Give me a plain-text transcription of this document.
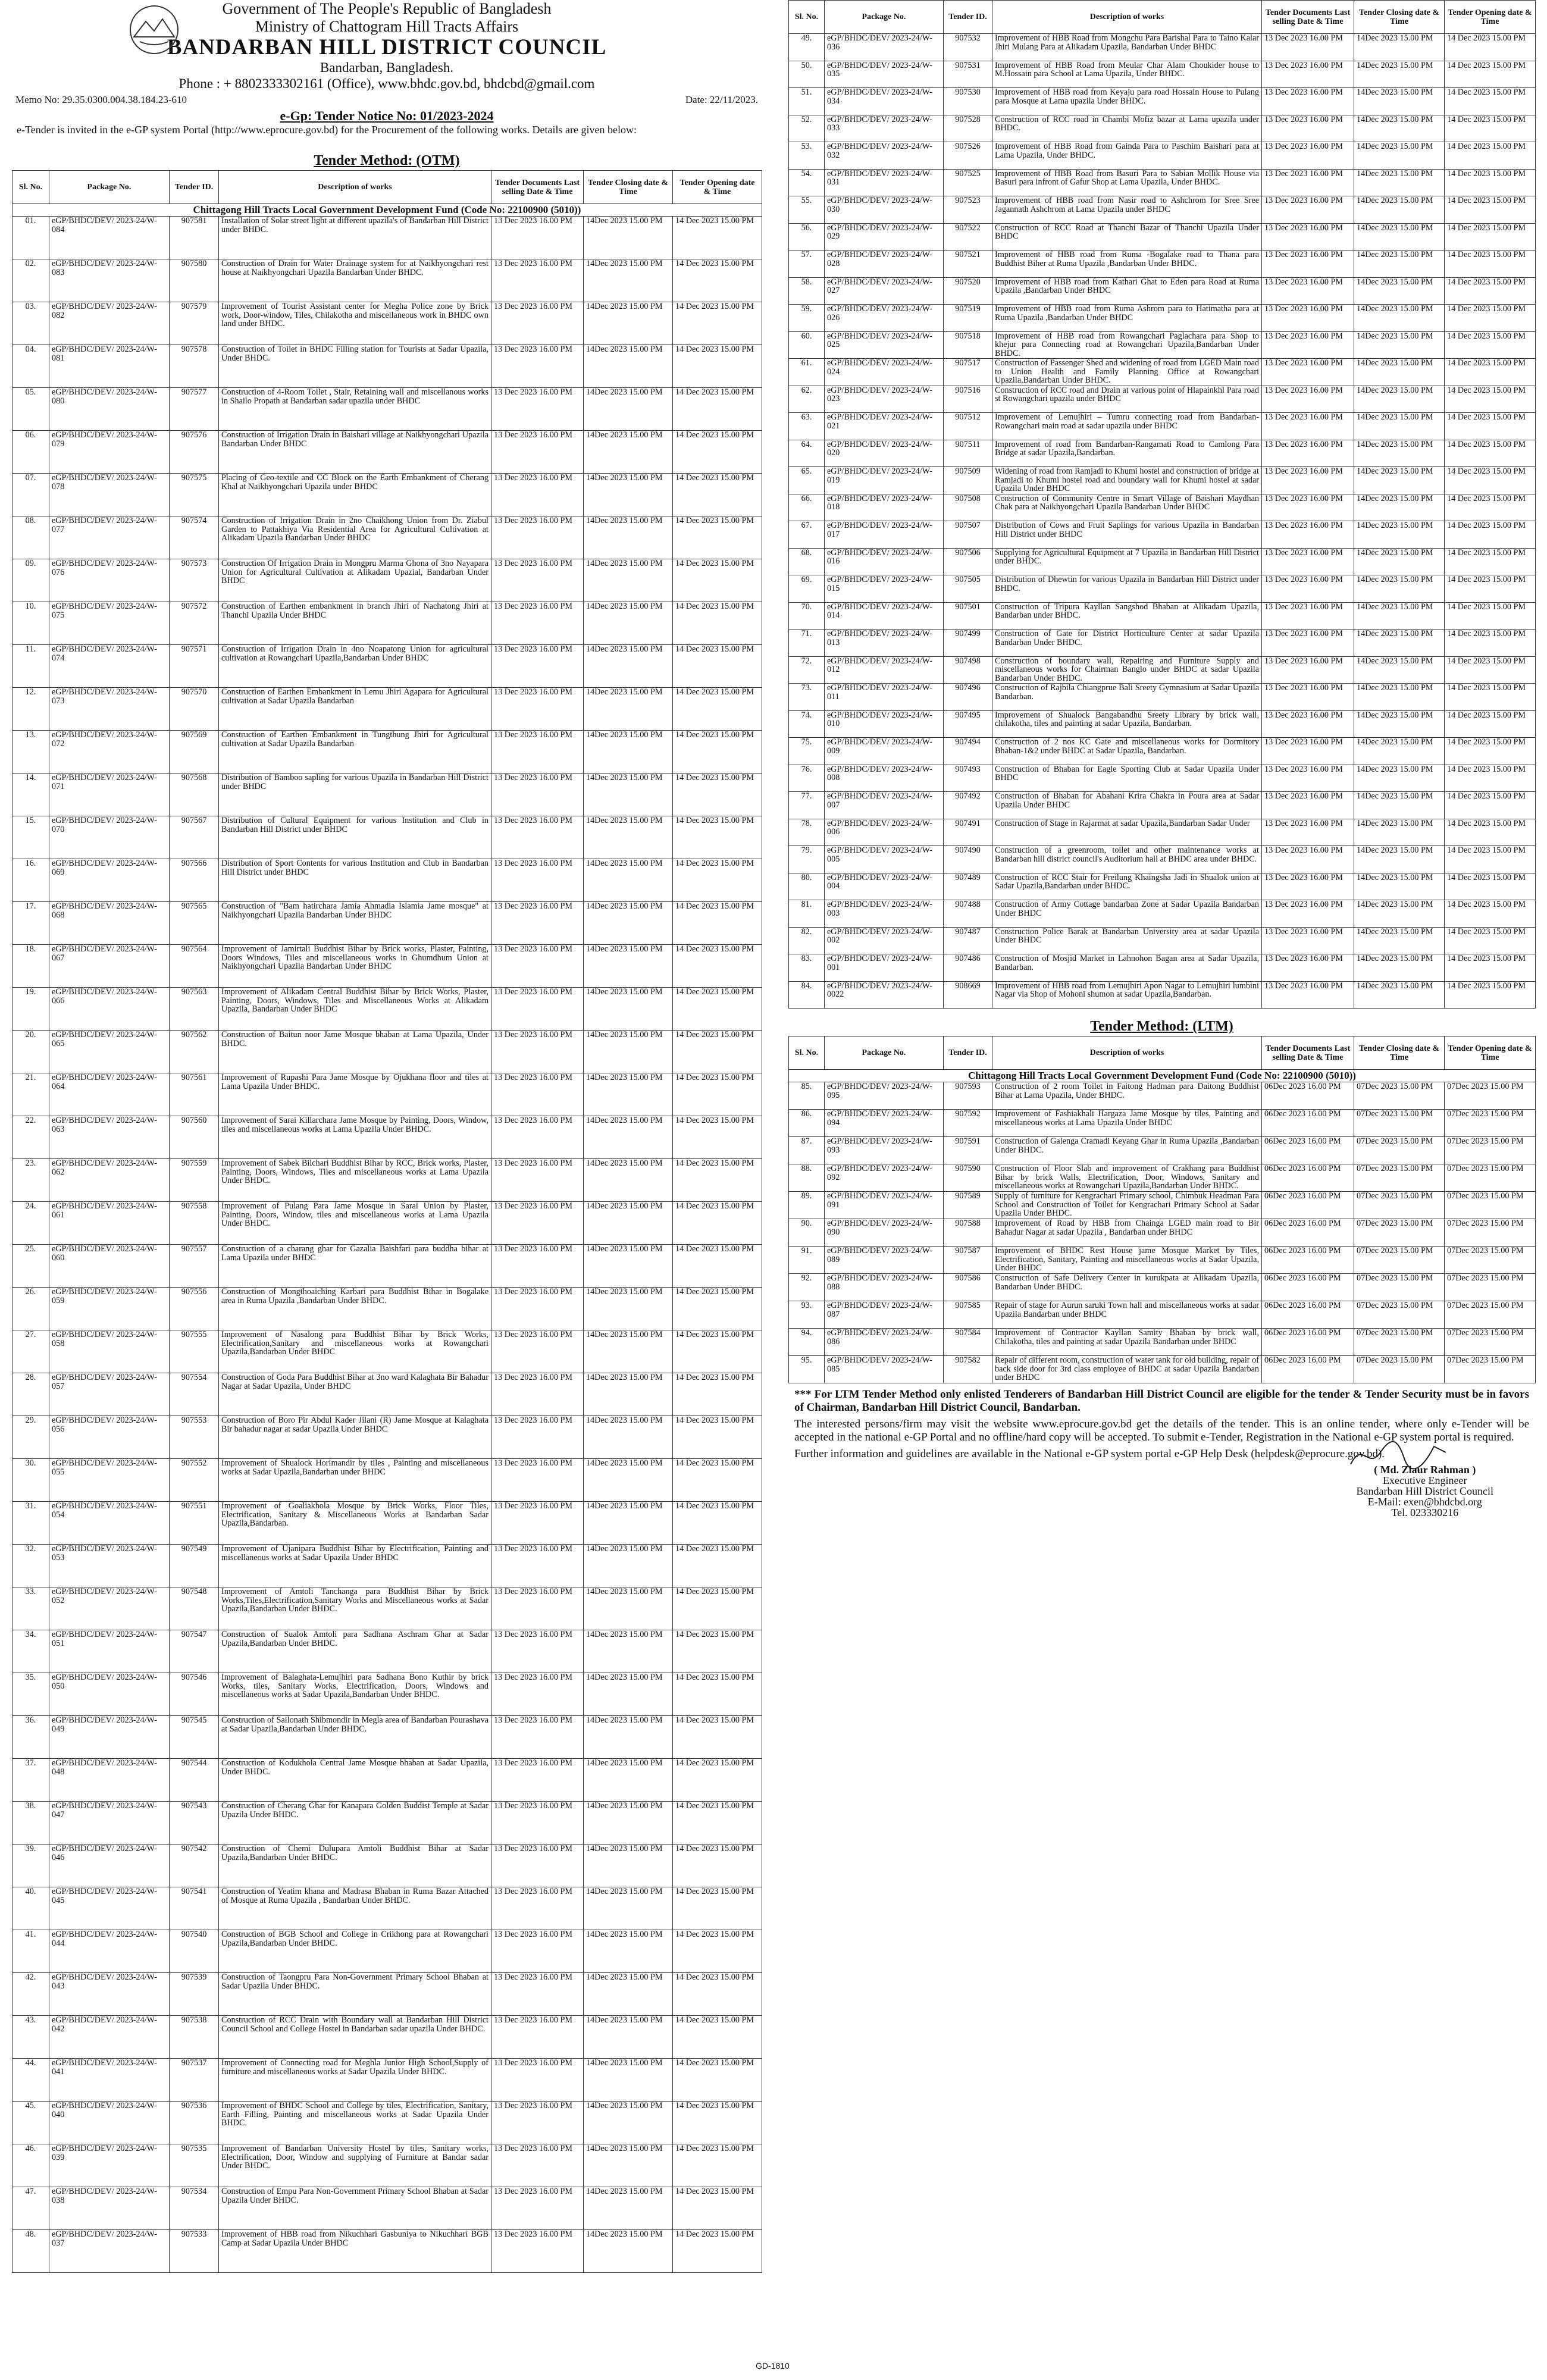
Government of The People's Republic of Bangladesh
Ministry of Chattogram Hill Tracts Affairs
BANDARBAN HILL DISTRICT COUNCIL
Bandarban, Bangladesh.
Phone : + 8802333302161 (Office), www.bhdc.gov.bd, bhdcbd@gmail.com
Memo No: 29.35.0300.004.38.184.23-610	Date: 22/11/2023.
e-Gp: Tender Notice No: 01/2023-2024
e-Tender is invited in the e-GP system Portal (http://www.eprocure.gov.bd) for the Procurement of the following works. Details are given below:
Tender Method: (OTM)
Sl. No.	Package No.	Tender ID.	Description of works	Tender Documents Last selling Date & Time	Tender Closing date & Time	Tender Opening date & Time
Chittagong Hill Tracts Local Government Development Fund (Code No: 22100900 (5010))						
01.	eGP/BHDC/DEV/ 2023-24/W-084	907581	Installation of Solar street light at different upazila's of Bandarban Hill District under BHDC.	13 Dec 2023 16.00 PM	14Dec 2023 15.00 PM	14 Dec 2023 15.00 PM
02.	eGP/BHDC/DEV/ 2023-24/W-083	907580	Construction of Drain for Water Drainage system for at Naikhyongchari rest house at Naikhyongchari Upazila Bandarban Under BHDC.	13 Dec 2023 16.00 PM	14Dec 2023 15.00 PM	14 Dec 2023 15.00 PM
03.	eGP/BHDC/DEV/ 2023-24/W-082	907579	Improvement of Tourist Assistant center for Megha Police zone by Brick work, Door-window, Tiles, Chilakotha and miscellaneous work in BHDC own land under BHDC.	13 Dec 2023 16.00 PM	14Dec 2023 15.00 PM	14 Dec 2023 15.00 PM
04.	eGP/BHDC/DEV/ 2023-24/W-081	907578	Construction of Toilet in BHDC Filling station for Tourists at Sadar Upazila, Under BHDC.	13 Dec 2023 16.00 PM	14Dec 2023 15.00 PM	14 Dec 2023 15.00 PM
05.	eGP/BHDC/DEV/ 2023-24/W-080	907577	Construction of 4-Room Toilet , Stair, Retaining wall and miscellanous works in Shailo Propath at Bandarban sadar upazila under BHDC	13 Dec 2023 16.00 PM	14Dec 2023 15.00 PM	14 Dec 2023 15.00 PM
06.	eGP/BHDC/DEV/ 2023-24/W-079	907576	Construction of Irrigation Drain in Baishari village at Naikhyongchari Upazila Bandarban Under BHDC	13 Dec 2023 16.00 PM	14Dec 2023 15.00 PM	14 Dec 2023 15.00 PM
07.	eGP/BHDC/DEV/ 2023-24/W-078	907575	Placing of Geo-textile and CC Block on the Earth Embankment of Cherang Khal at Naikhyongchari Upazila under BHDC	13 Dec 2023 16.00 PM	14Dec 2023 15.00 PM	14 Dec 2023 15.00 PM
08.	eGP/BHDC/DEV/ 2023-24/W-077	907574	Construction of Irrigation Drain in 2no Chaikhong Union from Dr. Ziabul Garden to Pattakhiya Via Residential Area for Agricultural Cultivation at Alikadam Upazila Bandarban Under BHDC	13 Dec 2023 16.00 PM	14Dec 2023 15.00 PM	14 Dec 2023 15.00 PM
09.	eGP/BHDC/DEV/ 2023-24/W-076	907573	Construction Of Irrigation Drain in Mongpru Marma Ghona of 3no Nayapara Union for Agricultural Cultivation at Alikadam Upazial, Bandarban Under BHDC	13 Dec 2023 16.00 PM	14Dec 2023 15.00 PM	14 Dec 2023 15.00 PM
10.	eGP/BHDC/DEV/ 2023-24/W-075	907572	Construction of Earthen embankment in branch Jhiri of Nachatong Jhiri at Thanchi Upazila Under BHDC	13 Dec 2023 16.00 PM	14Dec 2023 15.00 PM	14 Dec 2023 15.00 PM
11.	eGP/BHDC/DEV/ 2023-24/W-074	907571	Construction of Irrigation Drain in 4no Noapatong Union for agricultural cultivation at Rowangchari Upazila,Bandarban Under BHDC	13 Dec 2023 16.00 PM	14Dec 2023 15.00 PM	14 Dec 2023 15.00 PM
12.	eGP/BHDC/DEV/ 2023-24/W-073	907570	Construction of Earthen Embankment in Lemu Jhiri Agapara for Agricultural cultivation at Sadar Upazila Bandarban	13 Dec 2023 16.00 PM	14Dec 2023 15.00 PM	14 Dec 2023 15.00 PM
13.	eGP/BHDC/DEV/ 2023-24/W-072	907569	Construction of Earthen Embankment in Tungthung Jhiri for Agricultural cultivation at Sadar Upazila Bandarban	13 Dec 2023 16.00 PM	14Dec 2023 15.00 PM	14 Dec 2023 15.00 PM
14.	eGP/BHDC/DEV/ 2023-24/W-071	907568	Distribution of Bamboo sapling for various Upazila in Bandarban Hill District under BHDC	13 Dec 2023 16.00 PM	14Dec 2023 15.00 PM	14 Dec 2023 15.00 PM
15.	eGP/BHDC/DEV/ 2023-24/W-070	907567	Distribution of Cultural Equipment for various Institution and Club in Bandarban Hill District under BHDC	13 Dec 2023 16.00 PM	14Dec 2023 15.00 PM	14 Dec 2023 15.00 PM
16.	eGP/BHDC/DEV/ 2023-24/W-069	907566	Distribution of Sport Contents for various Institution and Club in Bandarban Hill District under BHDC	13 Dec 2023 16.00 PM	14Dec 2023 15.00 PM	14 Dec 2023 15.00 PM
17.	eGP/BHDC/DEV/ 2023-24/W-068	907565	Construction of "Bam hatirchara Jamia Ahmadia Islamia Jame mosque" at Naikhyongchari Upazila Bandarban Under BHDC	13 Dec 2023 16.00 PM	14Dec 2023 15.00 PM	14 Dec 2023 15.00 PM
18.	eGP/BHDC/DEV/ 2023-24/W-067	907564	Improvement of Jamirtali Buddhist Bihar by Brick works, Plaster, Painting, Doors Windows, Tiles and miscellaneous works in Ghumdhum Union at Naikhyongchari Upazila Bandarban Under BHDC	13 Dec 2023 16.00 PM	14Dec 2023 15.00 PM	14 Dec 2023 15.00 PM
19.	eGP/BHDC/DEV/ 2023-24/W-066	907563	Improvement of Alikadam Central Buddhist Bihar by Brick Works, Plaster, Painting, Doors, Windows, Tiles and Miscellaneous Works at Alikadam Upazila, Bandarban Under BHDC	13 Dec 2023 16.00 PM	14Dec 2023 15.00 PM	14 Dec 2023 15.00 PM
20.	eGP/BHDC/DEV/ 2023-24/W-065	907562	Construction of Baitun noor Jame Mosque bhaban at Lama Upazila, Under BHDC.	13 Dec 2023 16.00 PM	14Dec 2023 15.00 PM	14 Dec 2023 15.00 PM
21.	eGP/BHDC/DEV/ 2023-24/W-064	907561	Improvement of Rupashi Para Jame Mosque by Ojukhana floor and tiles at Lama Upazila Under BHDC.	13 Dec 2023 16.00 PM	14Dec 2023 15.00 PM	14 Dec 2023 15.00 PM
22.	eGP/BHDC/DEV/ 2023-24/W-063	907560	Improvement of Sarai Killarchara Jame Mosque by Painting, Doors, Window, tiles and miscellaneous works at Lama Upazila Under BHDC.	13 Dec 2023 16.00 PM	14Dec 2023 15.00 PM	14 Dec 2023 15.00 PM
23.	eGP/BHDC/DEV/ 2023-24/W-062	907559	Improvement of Sabek Bilchari Buddhist Bihar by RCC, Brick works, Plaster, Painting, Doors, Windows, Tiles and miscellaneous works at Lama Upazila Under BHDC.	13 Dec 2023 16.00 PM	14Dec 2023 15.00 PM	14 Dec 2023 15.00 PM
24.	eGP/BHDC/DEV/ 2023-24/W-061	907558	Improvement of Pulang Para Jame Mosque in Sarai Union by Plaster, Painting, Doors, Window, tiles and miscellaneous works at Lama Upazila Under BHDC.	13 Dec 2023 16.00 PM	14Dec 2023 15.00 PM	14 Dec 2023 15.00 PM
25.	eGP/BHDC/DEV/ 2023-24/W-060	907557	Construction of a charang ghar for Gazalia Baishfari para buddha bihar at Lama Upazila under BHDC	13 Dec 2023 16.00 PM	14Dec 2023 15.00 PM	14 Dec 2023 15.00 PM
26.	eGP/BHDC/DEV/ 2023-24/W-059	907556	Construction of Mongthoaiching Karbari para Buddhist Bihar in Bogalake area in Ruma Upazila ,Bandarban Under BHDC.	13 Dec 2023 16.00 PM	14Dec 2023 15.00 PM	14 Dec 2023 15.00 PM
27.	eGP/BHDC/DEV/ 2023-24/W-058	907555	Improvement of Nasalong para Buddhist Bihar by Brick Works, Electrification,Sanitary and miscellaneous works at Rowangchari Upazila,Bandarban Under BHDC	13 Dec 2023 16.00 PM	14Dec 2023 15.00 PM	14 Dec 2023 15.00 PM
28.	eGP/BHDC/DEV/ 2023-24/W-057	907554	Construction of Goda Para Buddhist Bihar at 3no ward Kalaghata Bir Bahadur Nagar at Sadar Upazila, Under BHDC	13 Dec 2023 16.00 PM	14Dec 2023 15.00 PM	14 Dec 2023 15.00 PM
29.	eGP/BHDC/DEV/ 2023-24/W-056	907553	Construction of Boro Pir Abdul Kader Jilani (R) Jame Mosque at Kalaghata Bir bahadur nagar at sadar Upazila Under BHDC	13 Dec 2023 16.00 PM	14Dec 2023 15.00 PM	14 Dec 2023 15.00 PM
30.	eGP/BHDC/DEV/ 2023-24/W-055	907552	Improvement of Shualock Horimandir by tiles , Painting and miscellaneous works at Sadar Upazila,Bandarban under BHDC	13 Dec 2023 16.00 PM	14Dec 2023 15.00 PM	14 Dec 2023 15.00 PM
31.	eGP/BHDC/DEV/ 2023-24/W-054	907551	Improvement of Goaliakhola Mosque by Brick Works, Floor Tiles, Electrification, Sanitary & Miscellaneous Works at Bandarban Sadar Upazila,Bandarban.	13 Dec 2023 16.00 PM	14Dec 2023 15.00 PM	14 Dec 2023 15.00 PM
32.	eGP/BHDC/DEV/ 2023-24/W-053	907549	Improvement of Ujanipara Buddhist Bihar by Electrification, Painting and miscellaneous works at Sadar Upazila Under BHDC	13 Dec 2023 16.00 PM	14Dec 2023 15.00 PM	14 Dec 2023 15.00 PM
33.	eGP/BHDC/DEV/ 2023-24/W-052	907548	Improvement of Amtoli Tanchanga para Buddhist Bihar by Brick Works,Tiles,Electrification,Sanitary Works and Miscellaneous works at Sadar Upazila,Bandarban Under BHDC.	13 Dec 2023 16.00 PM	14Dec 2023 15.00 PM	14 Dec 2023 15.00 PM
34.	eGP/BHDC/DEV/ 2023-24/W-051	907547	Construction of Sualok Amtoli para Sadhana Aschram Ghar at Sadar Upazila,Bandarban Under BHDC.	13 Dec 2023 16.00 PM	14Dec 2023 15.00 PM	14 Dec 2023 15.00 PM
35.	eGP/BHDC/DEV/ 2023-24/W-050	907546	Improvement of Balaghata-Lemujhiri para Sadhana Bono Kuthir by brick Works, tiles, Sanitary Works, Electrification, Doors, Windows and miscellaneous works at Sadar Upazila,Bandarban Under BHDC.	13 Dec 2023 16.00 PM	14Dec 2023 15.00 PM	14 Dec 2023 15.00 PM
36.	eGP/BHDC/DEV/ 2023-24/W-049	907545	Construction of Sailonath Shibmondir in Megla area of Bandarban Pourashava at Sadar Upazila,Bandarban Under BHDC.	13 Dec 2023 16.00 PM	14Dec 2023 15.00 PM	14 Dec 2023 15.00 PM
37.	eGP/BHDC/DEV/ 2023-24/W-048	907544	Construction of Kodukhola Central Jame Mosque bhaban at Sadar Upazila, Under BHDC.	13 Dec 2023 16.00 PM	14Dec 2023 15.00 PM	14 Dec 2023 15.00 PM
38.	eGP/BHDC/DEV/ 2023-24/W-047	907543	Construction of Cherang Ghar for Kanapara Golden Buddist Temple at Sadar Upazila Under BHDC.	13 Dec 2023 16.00 PM	14Dec 2023 15.00 PM	14 Dec 2023 15.00 PM
39.	eGP/BHDC/DEV/ 2023-24/W-046	907542	Construction of Chemi Dulupara Amtoli Buddhist Bihar at Sadar Upazila,Bandarban Under BHDC.	13 Dec 2023 16.00 PM	14Dec 2023 15.00 PM	14 Dec 2023 15.00 PM
40.	eGP/BHDC/DEV/ 2023-24/W-045	907541	Construction of Yeatim khana and Madrasa Bhaban in Ruma Bazar Attached of Mosque at Ruma Upazila , Bandarban Under BHDC.	13 Dec 2023 16.00 PM	14Dec 2023 15.00 PM	14 Dec 2023 15.00 PM
41.	eGP/BHDC/DEV/ 2023-24/W-044	907540	Construction of BGB School and College in Crikhong para at Rowangchari Upazila,Bandarban Under BHDC.	13 Dec 2023 16.00 PM	14Dec 2023 15.00 PM	14 Dec 2023 15.00 PM
42.	eGP/BHDC/DEV/ 2023-24/W-043	907539	Construction of Taongpru Para Non-Government Primary School Bhaban at Sadar Upazila Under BHDC.	13 Dec 2023 16.00 PM	14Dec 2023 15.00 PM	14 Dec 2023 15.00 PM
43.	eGP/BHDC/DEV/ 2023-24/W-042	907538	Construction of RCC Drain with Boundary wall at Bandarban Hill District Council School and College Hostel in Bandarban sadar upazila Under BHDC.	13 Dec 2023 16.00 PM	14Dec 2023 15.00 PM	14 Dec 2023 15.00 PM
44.	eGP/BHDC/DEV/ 2023-24/W-041	907537	Improvement of Connecting road for Meghla Junior High School,Supply of furniture and miscellaneous works at Sadar Upazila Under BHDC.	13 Dec 2023 16.00 PM	14Dec 2023 15.00 PM	14 Dec 2023 15.00 PM
45.	eGP/BHDC/DEV/ 2023-24/W-040	907536	Improvement of BHDC School and College by tiles, Electrification, Sanitary, Earth Filling, Painting and miscellaneous works at Sadar Upazila Under BHDC.	13 Dec 2023 16.00 PM	14Dec 2023 15.00 PM	14 Dec 2023 15.00 PM
46.	eGP/BHDC/DEV/ 2023-24/W-039	907535	Improvement of Bandarban University Hostel by tiles, Sanitary works, Electrification, Door, Window and supplying of Furniture at Bandar sadar Under BHDC.	13 Dec 2023 16.00 PM	14Dec 2023 15.00 PM	14 Dec 2023 15.00 PM
47.	eGP/BHDC/DEV/ 2023-24/W-038	907534	Construction of Empu Para Non-Government Primary School Bhaban at Sadar Upazila Under BHDC.	13 Dec 2023 16.00 PM	14Dec 2023 15.00 PM	14 Dec 2023 15.00 PM
48.	eGP/BHDC/DEV/ 2023-24/W-037	907533	Improvement of HBB road from Nikuchhari Gasbuniya to Nikuchhari BGB Camp at Sadar Upazila Under BHDC	13 Dec 2023 16.00 PM	14Dec 2023 15.00 PM	14 Dec 2023 15.00 PM
Sl. No.	Package No.	Tender ID.	Description of works	Tender Documents Last selling Date & Time	Tender Closing date & Time	Tender Opening date & Time
49.	eGP/BHDC/DEV/ 2023-24/W-036	907532	Improvement of HBB Road from Mongchu Para Barishal Para to Taino Kalar Jhiri Mulang Para at Alikadam Upazila, Bandarban Under BHDC	13 Dec 2023 16.00 PM	14Dec 2023 15.00 PM	14 Dec 2023 15.00 PM
50.	eGP/BHDC/DEV/ 2023-24/W-035	907531	Improvement of HBB Road from Meular Char Alam Choukider house to M.Hossain para School at Lama Upazila, Under BHDC.	13 Dec 2023 16.00 PM	14Dec 2023 15.00 PM	14 Dec 2023 15.00 PM
51.	eGP/BHDC/DEV/ 2023-24/W-034	907530	Improvement of HBB road from Keyaju para road Hossain House to Pulang para Mosque at Lama upazila Under BHDC.	13 Dec 2023 16.00 PM	14Dec 2023 15.00 PM	14 Dec 2023 15.00 PM
52.	eGP/BHDC/DEV/ 2023-24/W-033	907528	Construction of RCC road in Chambi Mofiz bazar at Lama upazila under BHDC.	13 Dec 2023 16.00 PM	14Dec 2023 15.00 PM	14 Dec 2023 15.00 PM
53.	eGP/BHDC/DEV/ 2023-24/W-032	907526	Improvement of HBB Road from Gainda Para to Paschim Baishari para at Lama Upazila, Under BHDC.	13 Dec 2023 16.00 PM	14Dec 2023 15.00 PM	14 Dec 2023 15.00 PM
54.	eGP/BHDC/DEV/ 2023-24/W-031	907525	Improvement of HBB Road from Basuri Para to Sabian Mollik House via Basuri para infront of Gafur Shop at Lama Upazila, Under BHDC.	13 Dec 2023 16.00 PM	14Dec 2023 15.00 PM	14 Dec 2023 15.00 PM
55.	eGP/BHDC/DEV/ 2023-24/W-030	907523	Improvement of HBB road from Nasir road to Ashchrom for Sree Sree Jagannath Ashchrom at Lama Upazila under BHDC	13 Dec 2023 16.00 PM	14Dec 2023 15.00 PM	14 Dec 2023 15.00 PM
56.	eGP/BHDC/DEV/ 2023-24/W-029	907522	Construction of RCC Road at Thanchi Bazar of Thanchi Upazila Under BHDC	13 Dec 2023 16.00 PM	14Dec 2023 15.00 PM	14 Dec 2023 15.00 PM
57.	eGP/BHDC/DEV/ 2023-24/W-028	907521	Improvement of HBB road from Ruma -Bogalake road to Thana para Buddhist Biher at Ruma Upazila ,Bandarban Under BHDC.	13 Dec 2023 16.00 PM	14Dec 2023 15.00 PM	14 Dec 2023 15.00 PM
58.	eGP/BHDC/DEV/ 2023-24/W-027	907520	Improvement of HBB road from Kathari Ghat to Eden para Road at Ruma Upazila ,Bandarban Under BHDC	13 Dec 2023 16.00 PM	14Dec 2023 15.00 PM	14 Dec 2023 15.00 PM
59.	eGP/BHDC/DEV/ 2023-24/W-026	907519	Improvement of HBB road from Ruma Ashrom para to Hatimatha para at Ruma Upazila ,Bandarban Under BHDC	13 Dec 2023 16.00 PM	14Dec 2023 15.00 PM	14 Dec 2023 15.00 PM
60.	eGP/BHDC/DEV/ 2023-24/W-025	907518	Improvement of HBB road from Rowangchari Paglachara para Shop to khejur para Connecting road at Rowangchari Upazila,Bandarban Under BHDC.	13 Dec 2023 16.00 PM	14Dec 2023 15.00 PM	14 Dec 2023 15.00 PM
61.	eGP/BHDC/DEV/ 2023-24/W-024	907517	Construction of Passenger Shed and widening of road from LGED Main road to Union Health and Family Planning Office at Rowangchari Upazila,Bandarban Under BHDC.	13 Dec 2023 16.00 PM	14Dec 2023 15.00 PM	14 Dec 2023 15.00 PM
62.	eGP/BHDC/DEV/ 2023-24/W-023	907516	Construction of RCC road and Drain at various point of Hlapainkhl Para road st Rowangchari upazila under BHDC	13 Dec 2023 16.00 PM	14Dec 2023 15.00 PM	14 Dec 2023 15.00 PM
63.	eGP/BHDC/DEV/ 2023-24/W-021	907512	Improvement of Lemujhiri – Tumru connecting road from Bandarban-Rowangchari main road at sadar upazila under BHDC	13 Dec 2023 16.00 PM	14Dec 2023 15.00 PM	14 Dec 2023 15.00 PM
64.	eGP/BHDC/DEV/ 2023-24/W-020	907511	Improvement of road from Bandarban-Rangamati Road to Camlong Para Bridge at sadar Upazila,Bandarban.	13 Dec 2023 16.00 PM	14Dec 2023 15.00 PM	14 Dec 2023 15.00 PM
65.	eGP/BHDC/DEV/ 2023-24/W-019	907509	Widening of road from Ramjadi to Khumi hostel and construction of bridge at Ramjadi to Khumi hostel road and boundary wall for Khumi hostel at sadar Upazila Under BHDC	13 Dec 2023 16.00 PM	14Dec 2023 15.00 PM	14 Dec 2023 15.00 PM
66.	eGP/BHDC/DEV/ 2023-24/W-018	907508	Construction of Community Centre in Smart Village of Baishari Maydhan Chak para at Naikhyongchari Upazila Bandarban Under BHDC	13 Dec 2023 16.00 PM	14Dec 2023 15.00 PM	14 Dec 2023 15.00 PM
67.	eGP/BHDC/DEV/ 2023-24/W-017	907507	Distribution of Cows and Fruit Saplings for various Upazila in Bandarban Hill District under BHDC	13 Dec 2023 16.00 PM	14Dec 2023 15.00 PM	14 Dec 2023 15.00 PM
68.	eGP/BHDC/DEV/ 2023-24/W-016	907506	Supplying for Agricultural Equipment at 7 Upazila in Bandarban Hill District under BHDC.	13 Dec 2023 16.00 PM	14Dec 2023 15.00 PM	14 Dec 2023 15.00 PM
69.	eGP/BHDC/DEV/ 2023-24/W-015	907505	Distribution of Dhewtin for various Upazila in Bandarban Hill District under BHDC.	13 Dec 2023 16.00 PM	14Dec 2023 15.00 PM	14 Dec 2023 15.00 PM
70.	eGP/BHDC/DEV/ 2023-24/W-014	907501	Construction of Tripura Kayllan Sangshod Bhaban at Alikadam Upazila, Bandarban under BHDC.	13 Dec 2023 16.00 PM	14Dec 2023 15.00 PM	14 Dec 2023 15.00 PM
71.	eGP/BHDC/DEV/ 2023-24/W-013	907499	Construction of Gate for District Horticulture Center at sadar Upazila Bandarban Under BHDC.	13 Dec 2023 16.00 PM	14Dec 2023 15.00 PM	14 Dec 2023 15.00 PM
72.	eGP/BHDC/DEV/ 2023-24/W-012	907498	Construction of boundary wall, Repairing and Furniture Supply and miscellaneous works for Chairman Banglo under BHDC at sadar Upazila Bandarban Under BHDC.	13 Dec 2023 16.00 PM	14Dec 2023 15.00 PM	14 Dec 2023 15.00 PM
73.	eGP/BHDC/DEV/ 2023-24/W-011	907496	Construction of Rajbila Chiangprue Bali Sreety Gymnasium at Sadar Upazila Bandarban.	13 Dec 2023 16.00 PM	14Dec 2023 15.00 PM	14 Dec 2023 15.00 PM
74.	eGP/BHDC/DEV/ 2023-24/W-010	907495	Improvement of Shualock Bangabandhu Sreety Library by brick wall, chilakotha, tiles and painting at sadar Upazila, Bandarban.	13 Dec 2023 16.00 PM	14Dec 2023 15.00 PM	14 Dec 2023 15.00 PM
75.	eGP/BHDC/DEV/ 2023-24/W-009	907494	Construction of 2 nos KC Gate and miscellaneous works for Dormitory Bhaban-1&2 under BHDC at Sadar Upazila, Bandarban.	13 Dec 2023 16.00 PM	14Dec 2023 15.00 PM	14 Dec 2023 15.00 PM
76.	eGP/BHDC/DEV/ 2023-24/W-008	907493	Construction of Bhaban for Eagle Sporting Club at Sadar Upazila Under BHDC	13 Dec 2023 16.00 PM	14Dec 2023 15.00 PM	14 Dec 2023 15.00 PM
77.	eGP/BHDC/DEV/ 2023-24/W-007	907492	Construction of Bhaban for Abahani Krira Chakra in Poura area at Sadar Upazila Under BHDC	13 Dec 2023 16.00 PM	14Dec 2023 15.00 PM	14 Dec 2023 15.00 PM
78.	eGP/BHDC/DEV/ 2023-24/W-006	907491	Construction of Stage in Rajarmat at sadar Upazila,Bandarban Sadar Under	13 Dec 2023 16.00 PM	14Dec 2023 15.00 PM	14 Dec 2023 15.00 PM
79.	eGP/BHDC/DEV/ 2023-24/W-005	907490	Construction of a greenroom, toilet and other maintenance works at Bandarban hill district council's Auditorium hall at BHDC area under BHDC.	13 Dec 2023 16.00 PM	14Dec 2023 15.00 PM	14 Dec 2023 15.00 PM
80.	eGP/BHDC/DEV/ 2023-24/W-004	907489	Construction of RCC Stair for Preilung Khaingsha Jadi in Shualok union at Sadar Upazila,Bandarban under BHDC.	13 Dec 2023 16.00 PM	14Dec 2023 15.00 PM	14 Dec 2023 15.00 PM
81.	eGP/BHDC/DEV/ 2023-24/W-003	907488	Construction of Army Cottage bandarban Zone at Sadar Upazila Bandarban Under BHDC	13 Dec 2023 16.00 PM	14Dec 2023 15.00 PM	14 Dec 2023 15.00 PM
82.	eGP/BHDC/DEV/ 2023-24/W-002	907487	Construction Police Barak at Bandarban University area at sadar Upazila Under BHDC	13 Dec 2023 16.00 PM	14Dec 2023 15.00 PM	14 Dec 2023 15.00 PM
83.	eGP/BHDC/DEV/ 2023-24/W-001	907486	Construction of Mosjid Market in Lahnohon Bagan area at Sadar Upazila, Bandarban.	13 Dec 2023 16.00 PM	14Dec 2023 15.00 PM	14 Dec 2023 15.00 PM
84.	eGP/BHDC/DEV/ 2023-24/W- 0022	908669	Improvement of HBB road from Lemujhiri Apon Nagar to Lemujhiri lumbini Nagar via Shop of Mohoni shumon at sadar Upazila,Bandarban.	13 Dec 2023 16.00 PM	14Dec 2023 15.00 PM	14 Dec 2023 15.00 PM
Tender Method: (LTM)
Sl. No.	Package No.	Tender ID.	Description of works	Tender Documents Last selling Date & Time	Tender Closing date & Time	Tender Opening date & Time
Chittagong Hill Tracts Local Government Development Fund (Code No: 22100900 (5010))						
85.	eGP/BHDC/DEV/ 2023-24/W-095	907593	Construction of 2 room Toilet in Faitong Hadman para Daitong Buddhist Bihar at Lama Upazila, Under BHDC.	06Dec 2023 16.00 PM	07Dec 2023 15.00 PM	07Dec 2023 15.00 PM
86.	eGP/BHDC/DEV/ 2023-24/W-094	907592	Improvement of Fashiakhali Hargaza Jame Mosque by tiles, Painting and miscellaneous works at Lama Upazila Under BHDC	06Dec 2023 16.00 PM	07Dec 2023 15.00 PM	07Dec 2023 15.00 PM
87.	eGP/BHDC/DEV/ 2023-24/W-093	907591	Construction of Galenga Cramadi Keyang Ghar in Ruma Upazila ,Bandarban Under BHDC.	06Dec 2023 16.00 PM	07Dec 2023 15.00 PM	07Dec 2023 15.00 PM
88.	eGP/BHDC/DEV/ 2023-24/W-092	907590	Construction of Floor Slab and improvement of Crakhang para Buddhist Bihar by brick Walls, Electrification, Door, Windows, Sanitary and miscellaneous works at Rowangchari Upazila,Bandarban Under BHDC.	06Dec 2023 16.00 PM	07Dec 2023 15.00 PM	07Dec 2023 15.00 PM
89.	eGP/BHDC/DEV/ 2023-24/W-091	907589	Supply of furniture for Kengrachari Primary school, Chimbuk Headman Para School and Construction of Toilet for Kengrachari Primary School at Sadar Upazila Under BHDC.	06Dec 2023 16.00 PM	07Dec 2023 15.00 PM	07Dec 2023 15.00 PM
90.	eGP/BHDC/DEV/ 2023-24/W-090	907588	Improvement of Road by HBB from Chainga LGED main road to Bir Bahadur Nagar at sadar Upazila , Bandarban under BHDC	06Dec 2023 16.00 PM	07Dec 2023 15.00 PM	07Dec 2023 15.00 PM
91.	eGP/BHDC/DEV/ 2023-24/W-089	907587	Improvement of BHDC Rest House jame Mosque Market by Tiles, Electrification, Sanitary, Painting and miscellaneous works at Sadar Upazila, Under BHDC	06Dec 2023 16.00 PM	07Dec 2023 15.00 PM	07Dec 2023 15.00 PM
92.	eGP/BHDC/DEV/ 2023-24/W-088	907586	Construction of Safe Delivery Center in kurukpata at Alikadam Upazila, Bandarban Under BHDC.	06Dec 2023 16.00 PM	07Dec 2023 15.00 PM	07Dec 2023 15.00 PM
93.	eGP/BHDC/DEV/ 2023-24/W-087	907585	Repair of stage for Aurun saruki Town hall and miscellaneous works at sadar Upazila Bandarban under BHDC	06Dec 2023 16.00 PM	07Dec 2023 15.00 PM	07Dec 2023 15.00 PM
94.	eGP/BHDC/DEV/ 2023-24/W-086	907584	Improvement of Contractor Kayllan Samity Bhaban by brick wall, Chilakotha, tiles and painting at sadar Upazila Bandarban under BHDC	06Dec 2023 16.00 PM	07Dec 2023 15.00 PM	07Dec 2023 15.00 PM
95.	eGP/BHDC/DEV/ 2023-24/W-085	907582	Repair of different room, construction of water tank for old building, repair of back side door for 3rd class employee of BHDC at sadar Upazila Bandarban under BHDC	06Dec 2023 16.00 PM	07Dec 2023 15.00 PM	07Dec 2023 15.00 PM

*** For LTM Tender Method only enlisted Tenderers of Bandarban Hill District Council are eligible for the tender & Tender Security must be in favors of Chairman, Bandarban Hill District Council, Bandarban.

The interested persons/firm may visit the website www.eprocure.gov.bd get the details of the tender. This is an online tender, where only e-Tender will be accepted in the national e-GP Portal and no offline/hard copy will be accepted. To submit e-Tender, Registration in the National e-GP system portal is required.

Further information and guidelines are available in the National e-GP system portal e-GP Help Desk (helpdesk@eprocure.gov.bd).

( Md. Ziaur Rahman )
Executive Engineer
Bandarban Hill District Council
E-Mail: exen@bhdcbd.org
Tel. 023330216
GD-1810
